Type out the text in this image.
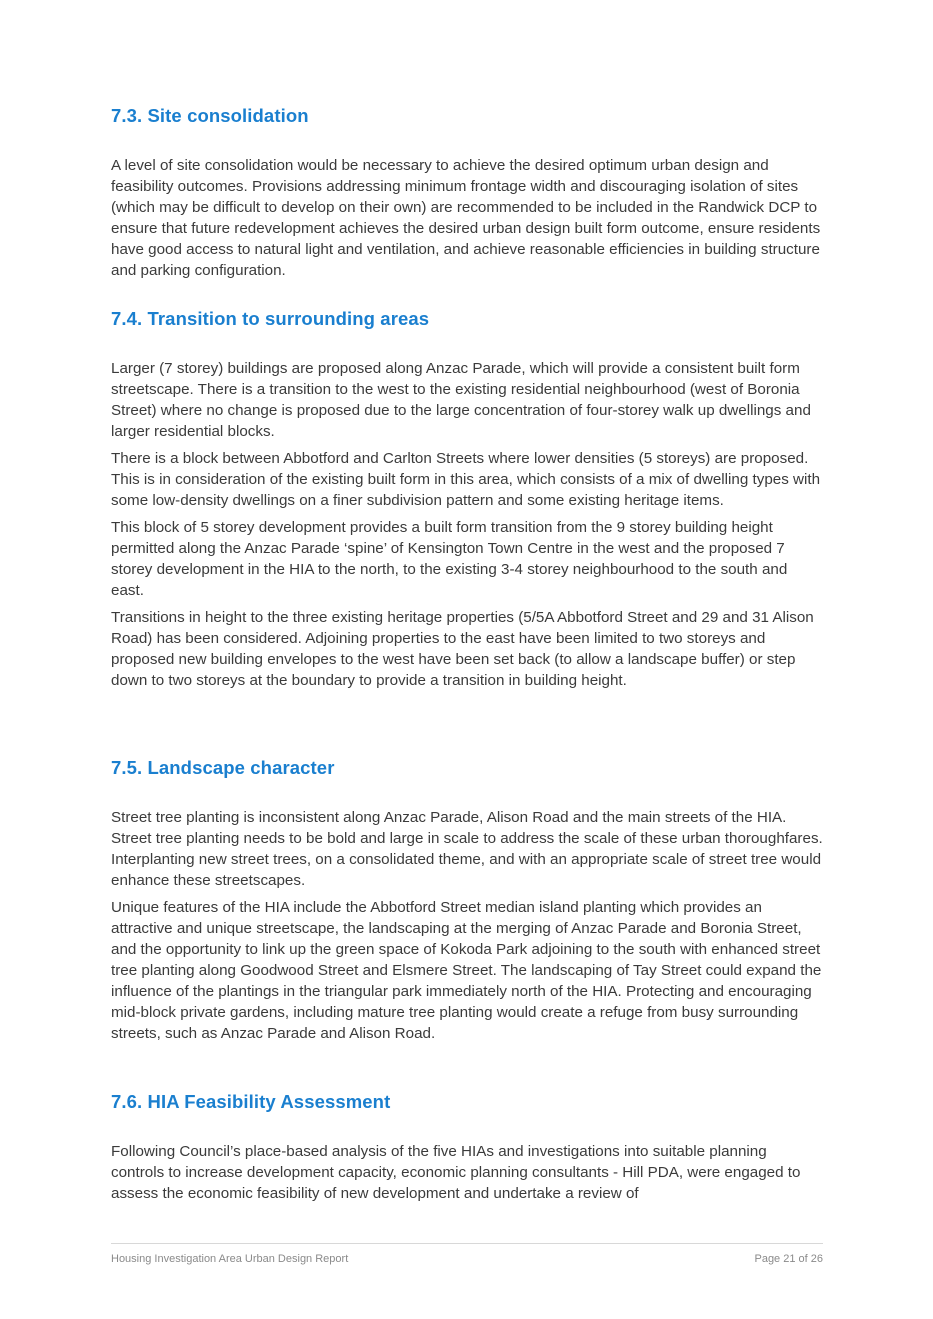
7.3. Site consolidation

A level of site consolidation would be necessary to achieve the desired optimum urban design and feasibility outcomes. Provisions addressing minimum frontage width and discouraging isolation of sites (which may be difficult to develop on their own) are recommended to be included in the Randwick DCP to ensure that future redevelopment achieves the desired urban design built form outcome, ensure residents have good access to natural light and ventilation, and achieve reasonable efficiencies in building structure and parking configuration.

7.4. Transition to surrounding areas

Larger (7 storey) buildings are proposed along Anzac Parade, which will provide a consistent built form streetscape. There is a transition to the west to the existing residential neighbourhood (west of Boronia Street) where no change is proposed due to the large concentration of four-storey walk up dwellings and larger residential blocks.

There is a block between Abbotford and Carlton Streets where lower densities (5 storeys) are proposed. This is in consideration of the existing built form in this area, which consists of a mix of dwelling types with some low-density dwellings on a finer subdivision pattern and some existing heritage items.

This block of 5 storey development provides a built form transition from the 9 storey building height permitted along the Anzac Parade ‘spine’ of Kensington Town Centre in the west and the proposed 7 storey development in the HIA to the north, to the existing 3-4 storey neighbourhood to the south and east.

Transitions in height to the three existing heritage properties (5/5A Abbotford Street and 29 and 31 Alison Road) has been considered. Adjoining properties to the east have been limited to two storeys and proposed new building envelopes to the west have been set back (to allow a landscape buffer) or step down to two storeys at the boundary to provide a transition in building height.

7.5. Landscape character

Street tree planting is inconsistent along Anzac Parade, Alison Road and the main streets of the HIA. Street tree planting needs to be bold and large in scale to address the scale of these urban thoroughfares. Interplanting new street trees, on a consolidated theme, and with an appropriate scale of street tree would enhance these streetscapes.

Unique features of the HIA include the Abbotford Street median island planting which provides an attractive and unique streetscape, the landscaping at the merging of Anzac Parade and Boronia Street, and the opportunity to link up the green space of Kokoda Park adjoining to the south with enhanced street tree planting along Goodwood Street and Elsmere Street. The landscaping of Tay Street could expand the influence of the plantings in the triangular park immediately north of the HIA. Protecting and encouraging mid-block private gardens, including mature tree planting would create a refuge from busy surrounding streets, such as Anzac Parade and Alison Road.

7.6. HIA Feasibility Assessment

Following Council’s place-based analysis of the five HIAs and investigations into suitable planning controls to increase development capacity, economic planning consultants - Hill PDA, were engaged to assess the economic feasibility of new development and undertake a review of

Housing Investigation Area Urban Design Report	Page 21 of 26
